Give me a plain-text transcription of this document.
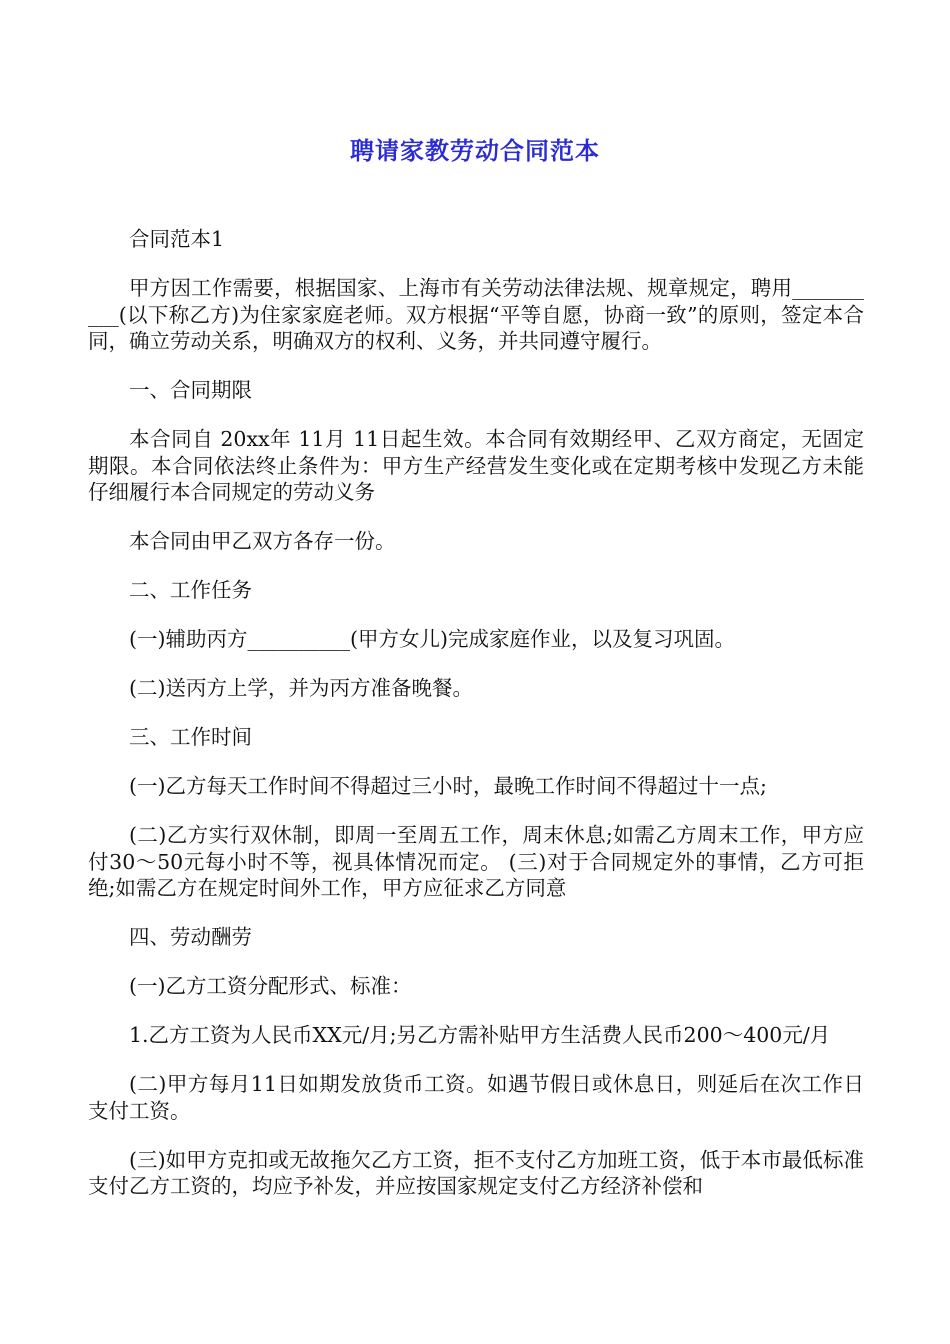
聘请家教劳动合同范本

合同范本1

甲方因工作需要，根据国家、上海市有关劳动法律法规、规章规定，聘用__________(以下称乙方)为住家家庭老师。双方根据“平等自愿，协商一致”的原则，签定本合同，确立劳动关系，明确双方的权利、义务，并共同遵守履行。

一、合同期限

本合同自 20xx年 11月 11日起生效。本合同有效期经甲、乙双方商定，无固定期限。本合同依法终止条件为：甲方生产经营发生变化或在定期考核中发现乙方未能仔细履行本合同规定的劳动义务

本合同由甲乙双方各存一份。

二、工作任务

(一)辅助丙方__________(甲方女儿)完成家庭作业，以及复习巩固。

(二)送丙方上学，并为丙方准备晚餐。

三、工作时间

(一)乙方每天工作时间不得超过三小时，最晚工作时间不得超过十一点;

(二)乙方实行双休制，即周一至周五工作，周末休息;如需乙方周末工作，甲方应付30～50元每小时不等，视具体情况而定。 (三)对于合同规定外的事情，乙方可拒绝;如需乙方在规定时间外工作，甲方应征求乙方同意

四、劳动酬劳

(一)乙方工资分配形式、标准：

1.乙方工资为人民币XX元/月;另乙方需补贴甲方生活费人民币200～400元/月

(二)甲方每月11日如期发放货币工资。如遇节假日或休息日，则延后在次工作日支付工资。

(三)如甲方克扣或无故拖欠乙方工资，拒不支付乙方加班工资，低于本市最低标准支付乙方工资的，均应予补发，并应按国家规定支付乙方经济补偿和
